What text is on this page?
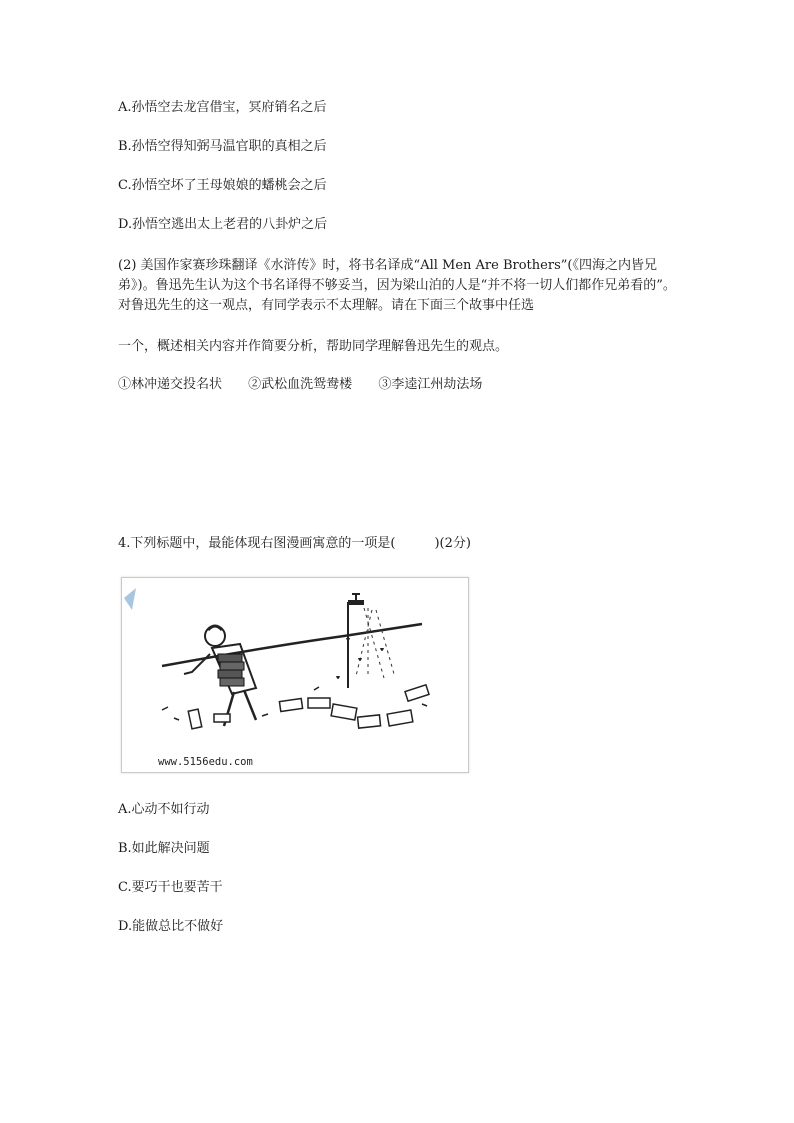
A.孙悟空去龙宫借宝，冥府销名之后
B.孙悟空得知弼马温官职的真相之后
C.孙悟空坏了王母娘娘的蟠桃会之后
D.孙悟空逃出太上老君的八卦炉之后
(2) 美国作家赛珍珠翻译《水浒传》时，将书名译成“All Men Are Brothers”(《四海之内皆兄弟》)。鲁迅先生认为这个书名译得不够妥当，因为梁山泊的人是“并不将一切人们都作兄弟看的”。对鲁迅先生的这一观点，有同学表示不太理解。请在下面三个故事中任选
一个，概述相关内容并作简要分析，帮助同学理解鲁迅先生的观点。
①林冲递交投名状 ②武松血洗鸳鸯楼 ③李逵江州劫法场
4.下列标题中，最能体现右图漫画寓意的一项是(　　　)(2分)
www.5156edu.com
A.心动不如行动
B.如此解决问题
C.要巧干也要苦干
D.能做总比不做好
